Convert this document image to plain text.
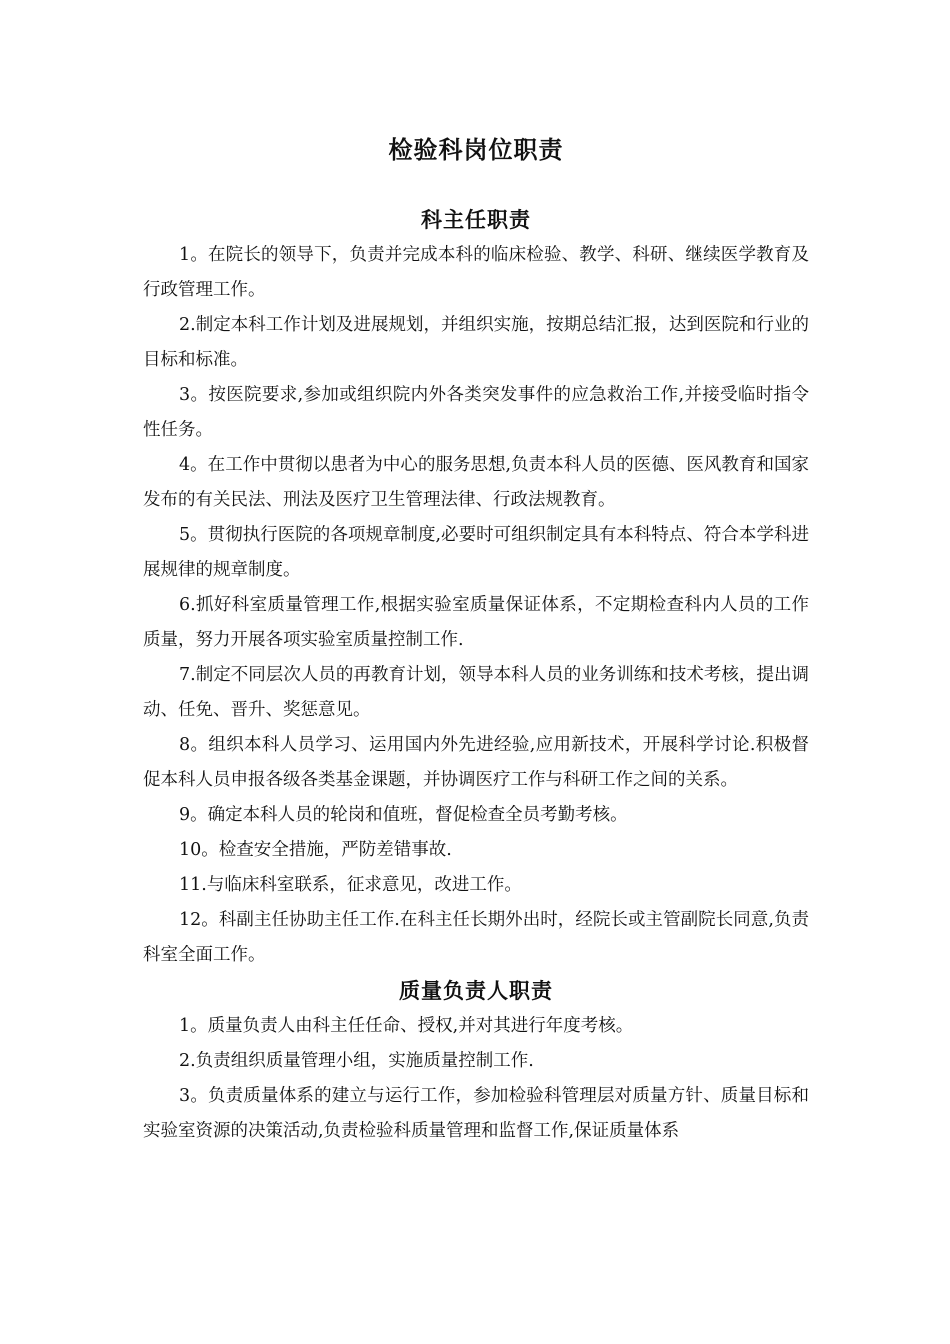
检验科岗位职责
科主任职责

1。在院长的领导下，负责并完成本科的临床检验、教学、科研、继续医学教育及行政管理工作。

2.制定本科工作计划及进展规划，并组织实施，按期总结汇报，达到医院和行业的目标和标准。

3。按医院要求,参加或组织院内外各类突发事件的应急救治工作,并接受临时指令性任务。

4。在工作中贯彻以患者为中心的服务思想,负责本科人员的医德、医风教育和国家发布的有关民法、刑法及医疗卫生管理法律、行政法规教育。

5。贯彻执行医院的各项规章制度,必要时可组织制定具有本科特点、符合本学科进展规律的规章制度。

6.抓好科室质量管理工作,根据实验室质量保证体系，不定期检查科内人员的工作质量，努力开展各项实验室质量控制工作.

7.制定不同层次人员的再教育计划，领导本科人员的业务训练和技术考核，提出调动、任免、晋升、奖惩意见。

8。组织本科人员学习、运用国内外先进经验,应用新技术，开展科学讨论.积极督促本科人员申报各级各类基金课题，并协调医疗工作与科研工作之间的关系。

9。确定本科人员的轮岗和值班，督促检查全员考勤考核。

10。检查安全措施，严防差错事故.

11.与临床科室联系，征求意见，改进工作。

12。科副主任协助主任工作.在科主任长期外出时，经院长或主管副院长同意,负责科室全面工作。

质量负责人职责

1。质量负责人由科主任任命、授权,并对其进行年度考核。

2.负责组织质量管理小组，实施质量控制工作.

3。负责质量体系的建立与运行工作，参加检验科管理层对质量方针、质量目标和实验室资源的决策活动,负责检验科质量管理和监督工作,保证质量体系
